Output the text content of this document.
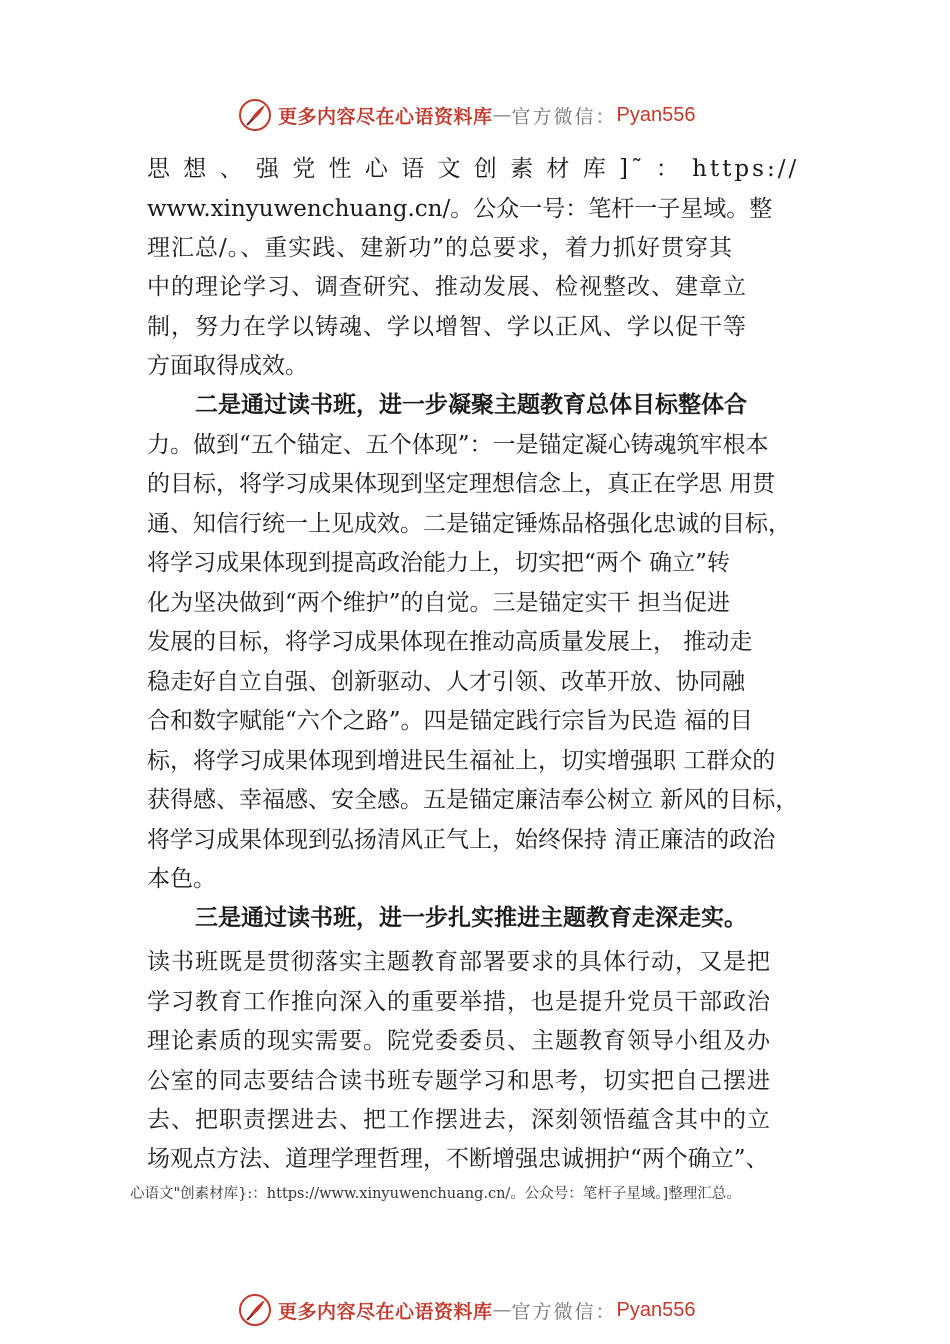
更多内容尽在心语资料库 — 官方微信： Pyan556
思 想 、 强 党 性 心 语 文 创 素 材 库 ]˜ ： https://
www.xinyuwenchuang.cn/。公众一号：笔杆一子星域。整
理汇总/。、重实践、建新功”的总要求，着力抓好贯穿其
中的理论学习、调查研究、推动发展、检视整改、建章立
制，努力在学以铸魂、学以增智、学以正风、学以促干等
方面取得成效。
二是通过读书班，进一步凝聚主题教育总体目标整体合
力。做到“五个锚定、五个体现”：一是锚定凝心铸魂筑牢根本
的目标，将学习成果体现到坚定理想信念上，真正在学思 用贯
通、知信行统一上见成效。二是锚定锤炼品格强化忠诚的目标，
将学习成果体现到提高政治能力上，切实把“两个 确立”转
化为坚决做到“两个维护”的自觉。三是锚定实干 担当促进
发展的目标，将学习成果体现在推动高质量发展上， 推动走
稳走好自立自强、创新驱动、人才引领、改革开放、协同融
合和数字赋能“六个之路”。四是锚定践行宗旨为民造 福的目
标，将学习成果体现到增进民生福祉上，切实增强职 工群众的
获得感、幸福感、安全感。五是锚定廉洁奉公树立 新风的目标，
将学习成果体现到弘扬清风正气上，始终保持 清正廉洁的政治
本色。
三是通过读书班，进一步扎实推进主题教育走深走实。
读书班既是贯彻落实主题教育部署要求的具体行动，又是把
学习教育工作推向深入的重要举措，也是提升党员干部政治
理论素质的现实需要。院党委委员、主题教育领导小组及办
公室的同志要结合读书班专题学习和思考，切实把自己摆进
去、把职责摆进去、把工作摆进去，深刻领悟蕴含其中的立
场观点方法、道理学理哲理，不断增强忠诚拥护“两个确立”、
心语文"创素材库}:：https://www.xinyuwenchuang.cn/。公众号：笔杆子星域。]整理汇总。
更多内容尽在心语资料库 — 官方微信： Pyan556
